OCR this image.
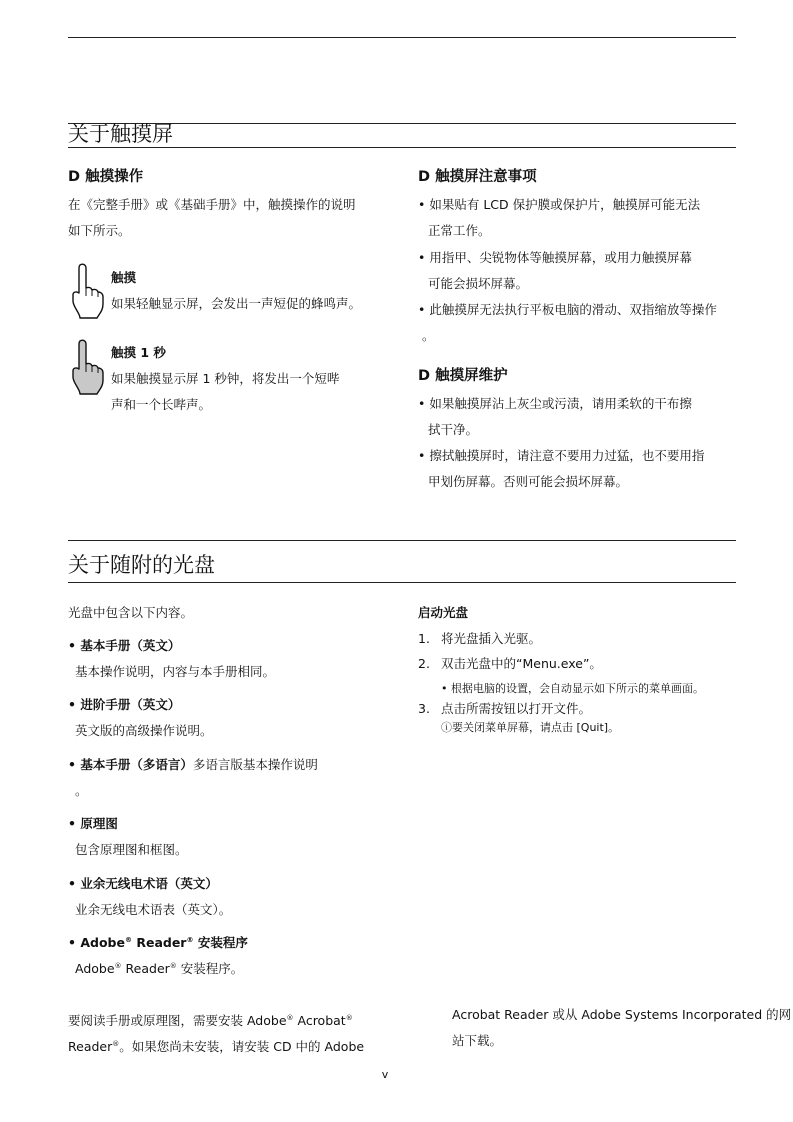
关于触摸屏
D 触摸操作
在《完整手册》或《基础手册》中，触摸操作的说明
如下所示。
触摸
如果轻触显示屏，会发出一声短促的蜂鸣声。
触摸 1 秒
如果触摸显示屏 1 秒钟，将发出一个短哔
声和一个长哔声。
D 触摸屏注意事项
• 如果贴有 LCD 保护膜或保护片，触摸屏可能无法
正常工作。
• 用指甲、尖锐物体等触摸屏幕，或用力触摸屏幕
可能会损坏屏幕。
• 此触摸屏无法执行平板电脑的滑动、双指缩放等操作
。
D 触摸屏维护
• 如果触摸屏沾上灰尘或污渍，请用柔软的干布擦
拭干净。
• 擦拭触摸屏时，请注意不要用力过猛，也不要用指
甲划伤屏幕。否则可能会损坏屏幕。
关于随附的光盘
光盘中包含以下内容。
• 基本手册（英文）
基本操作说明，内容与本手册相同。
• 进阶手册（英文）
英文版的高级操作说明。
• 基本手册（多语言）多语言版基本操作说明
。
• 原理图
包含原理图和框图。
• 业余无线电术语（英文）
业余无线电术语表（英文）。
• Adobe® Reader® 安装程序
Adobe® Reader® 安装程序。
启动光盘
1. 将光盘插入光驱。
2. 双击光盘中的“Menu.exe”。
• 根据电脑的设置，会自动显示如下所示的菜单画面。
3. 点击所需按钮以打开文件。
ⓘ要关闭菜单屏幕，请点击 [Quit]。
要阅读手册或原理图，需要安装 Adobe® Acrobat®
Reader®。如果您尚未安装，请安装 CD 中的 Adobe
Acrobat Reader 或从 Adobe Systems Incorporated 的网
站下载。
v
